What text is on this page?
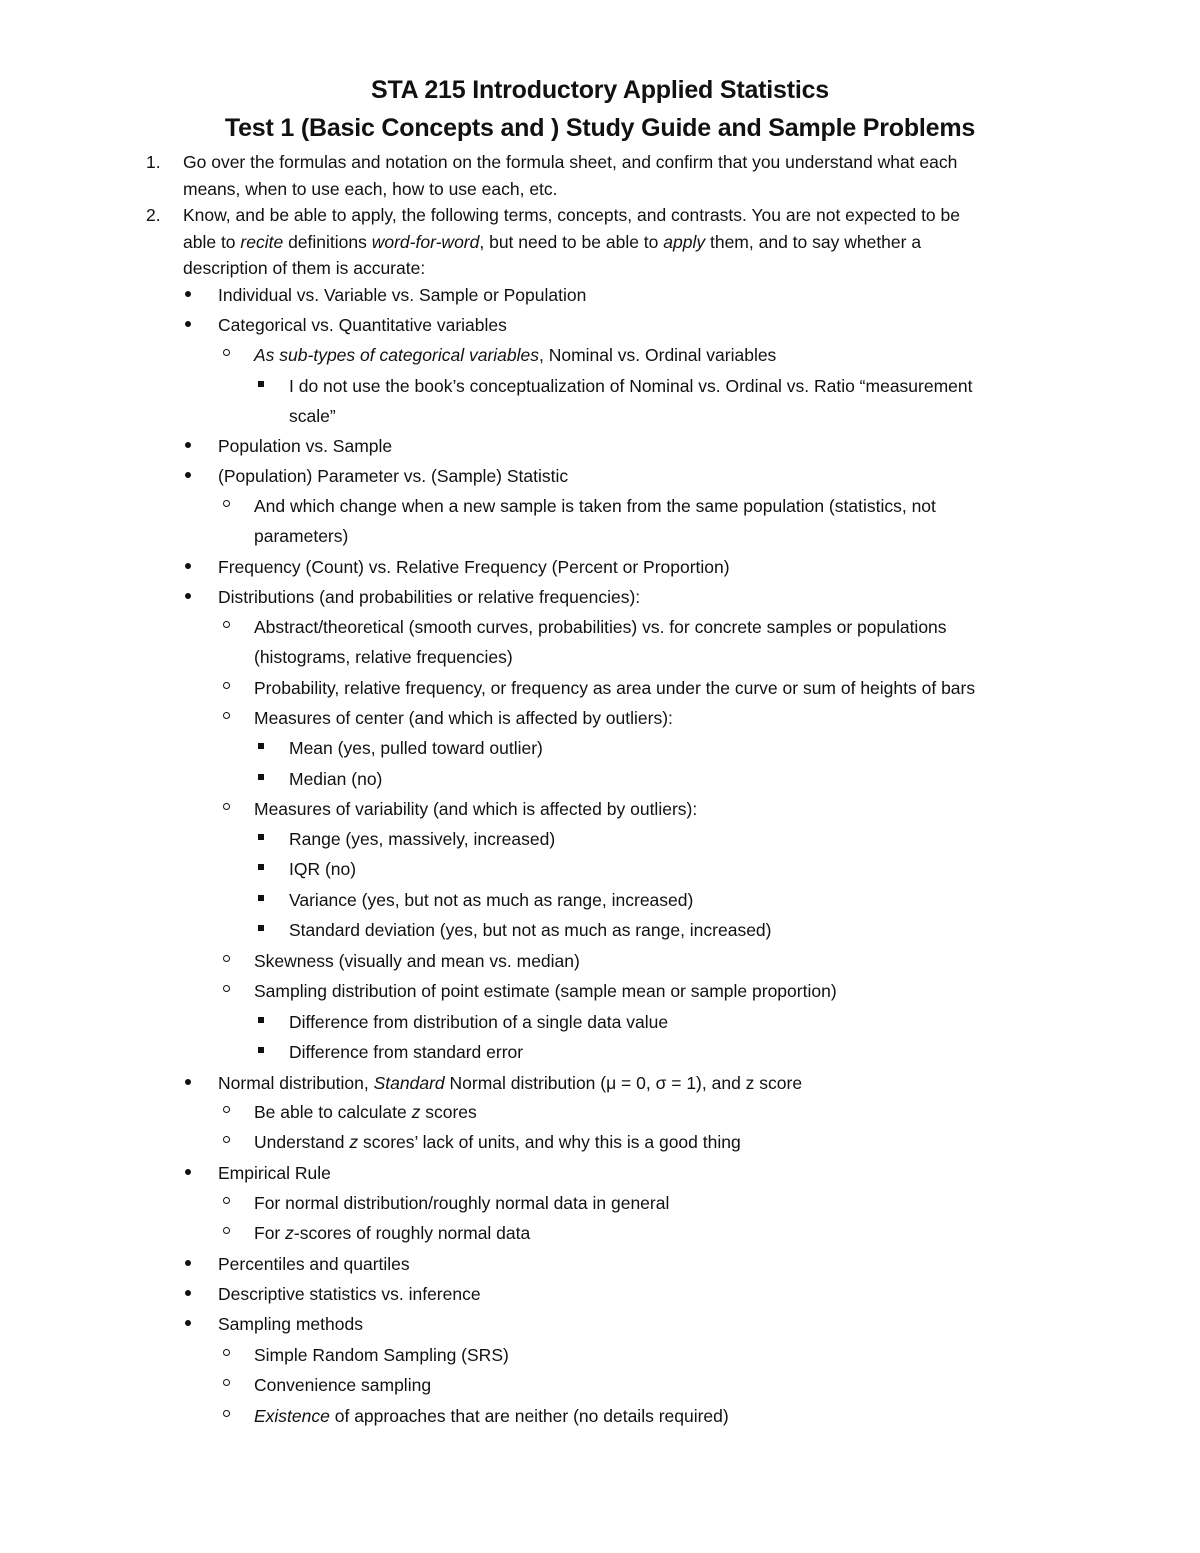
STA 215 Introductory Applied Statistics
Test 1 (Basic Concepts and ) Study Guide and Sample Problems
1. Go over the formulas and notation on the formula sheet, and confirm that you understand what each
means, when to use each, how to use each, etc.
2. Know, and be able to apply, the following terms, concepts, and contrasts. You are not expected to be
able to recite definitions word-for-word, but need to be able to apply them, and to say whether a
description of them is accurate:
Individual vs. Variable vs. Sample or Population
Categorical vs. Quantitative variables
As sub-types of categorical variables, Nominal vs. Ordinal variables
I do not use the book’s conceptualization of Nominal vs. Ordinal vs. Ratio “measurement
scale”
Population vs. Sample
(Population) Parameter vs. (Sample) Statistic
And which change when a new sample is taken from the same population (statistics, not
parameters)
Frequency (Count) vs. Relative Frequency (Percent or Proportion)
Distributions (and probabilities or relative frequencies):
Abstract/theoretical (smooth curves, probabilities) vs. for concrete samples or populations
(histograms, relative frequencies)
Probability, relative frequency, or frequency as area under the curve or sum of heights of bars
Measures of center (and which is affected by outliers):
Mean (yes, pulled toward outlier)
Median (no)
Measures of variability (and which is affected by outliers):
Range (yes, massively, increased)
IQR (no)
Variance (yes, but not as much as range, increased)
Standard deviation (yes, but not as much as range, increased)
Skewness (visually and mean vs. median)
Sampling distribution of point estimate (sample mean or sample proportion)
Difference from distribution of a single data value
Difference from standard error
Normal distribution, Standard Normal distribution (μ = 0, σ = 1), and z score
Be able to calculate z scores
Understand z scores’ lack of units, and why this is a good thing
Empirical Rule
For normal distribution/roughly normal data in general
For z-scores of roughly normal data
Percentiles and quartiles
Descriptive statistics vs. inference
Sampling methods
Simple Random Sampling (SRS)
Convenience sampling
Existence of approaches that are neither (no details required)
